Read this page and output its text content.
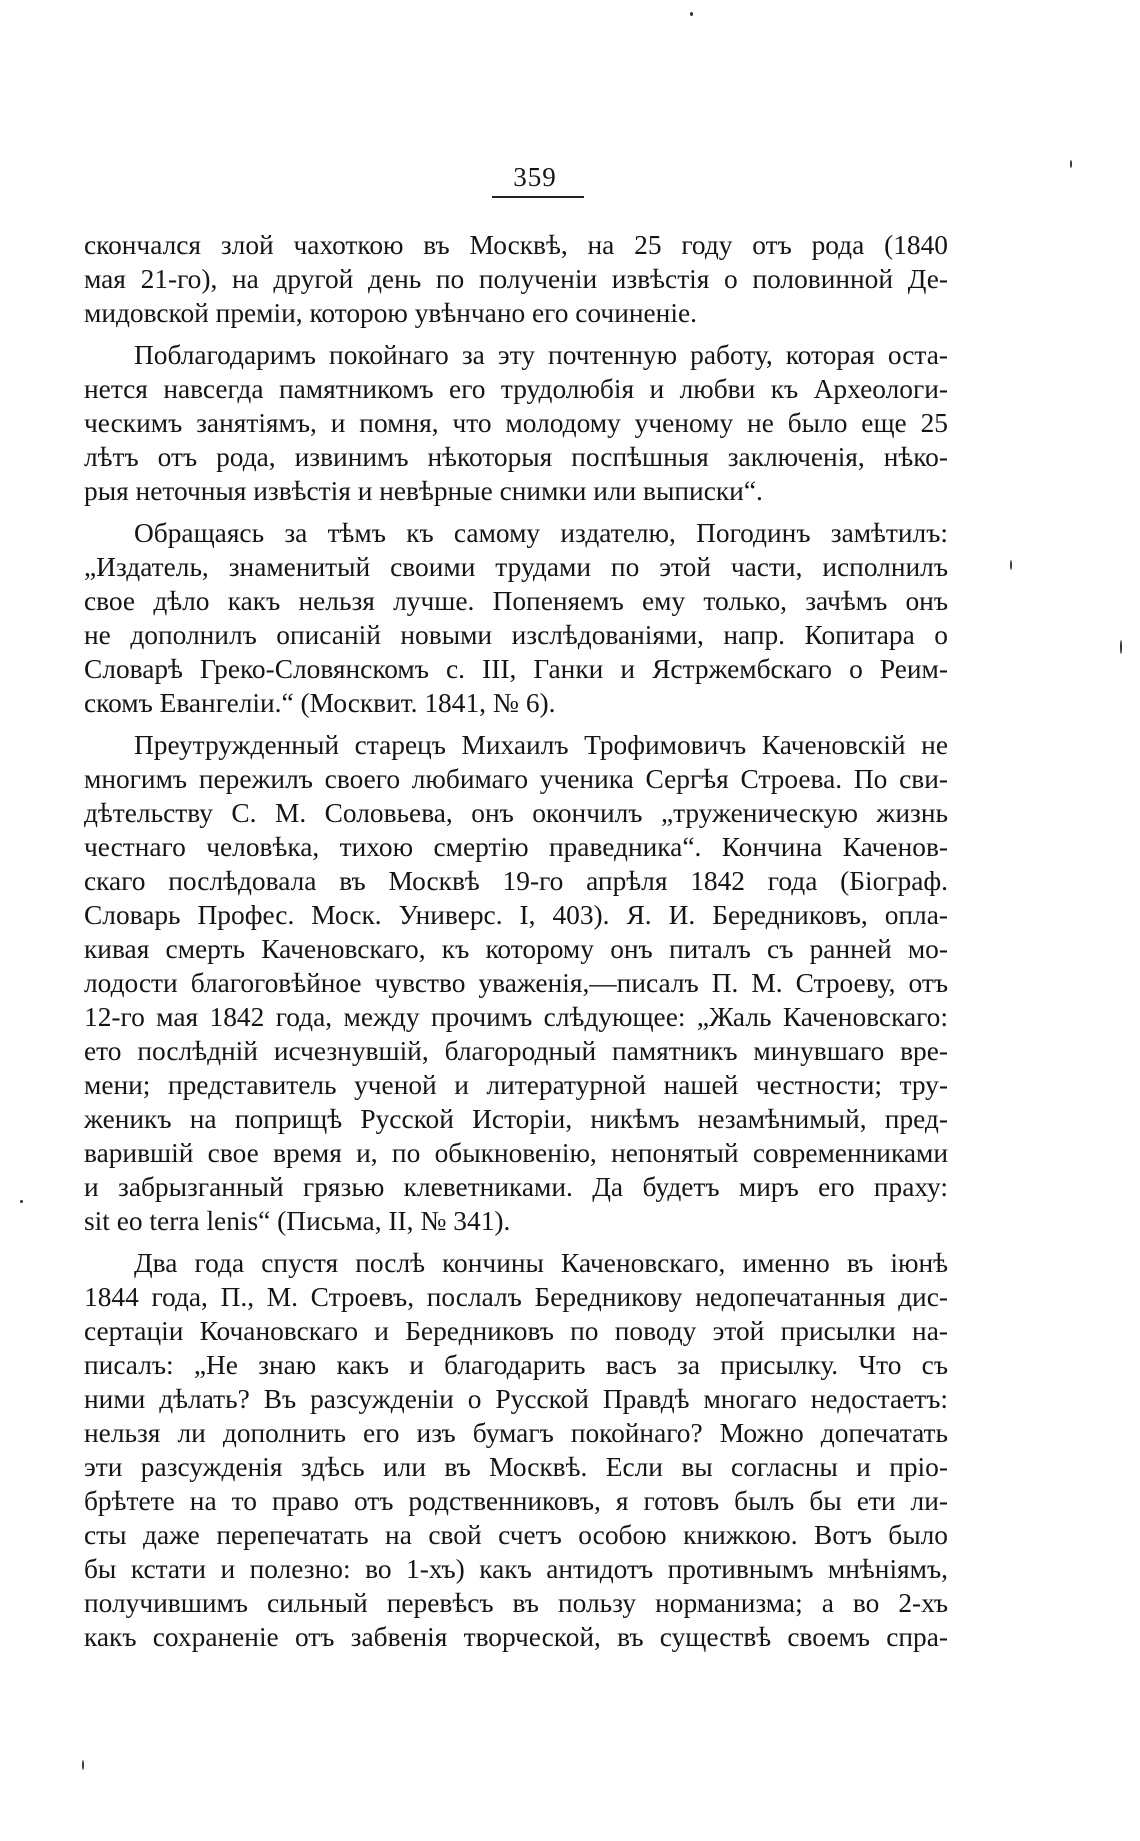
359
скончался злой чахоткою въ Москвѣ, на 25 году отъ рода (1840
мая 21-го), на другой день по полученіи извѣстія о половинной Де-
мидовской преміи, которою увѣнчано его сочиненіе.
Поблагодаримъ покойнаго за эту почтенную работу, которая оста-
нется навсегда памятникомъ его трудолюбія и любви къ Археологи-
ческимъ занятіямъ, и помня, что молодому ученому не было еще 25
лѣтъ отъ рода, извинимъ нѣкоторыя поспѣшныя заключенія, нѣко-
рыя неточныя извѣстія и невѣрные снимки или выписки“.
Обращаясь за тѣмъ къ самому издателю, Погодинъ замѣтилъ:
„Издатель, знаменитый своими трудами по этой части, исполнилъ
свое дѣло какъ нельзя лучше. Попеняемъ ему только, зачѣмъ онъ
не дополнилъ описаній новыми изслѣдованіями, напр. Копитара о
Словарѣ Греко-Словянскомъ с. III, Ганки и Ястржембскаго о Реим-
скомъ Евангеліи.“ (Москвит. 1841, № 6).
Преутружденный старецъ Михаилъ Трофимовичъ Каченовскій не
многимъ пережилъ своего любимаго ученика Сергѣя Строева. По сви-
дѣтельству С. М. Соловьева, онъ окончилъ „труженическую жизнь
честнаго человѣка, тихою смертію праведника“. Кончина Каченов-
скаго послѣдовала въ Москвѣ 19-го апрѣля 1842 года (Біограф.
Словарь Профес. Моск. Универс. I, 403). Я. И. Бередниковъ, опла-
кивая смерть Каченовскаго, къ которому онъ питалъ съ ранней мо-
лодости благоговѣйное чувство уваженія,—писалъ П. М. Строеву, отъ
12-го мая 1842 года, между прочимъ слѣдующее: „Жаль Каченовскаго:
ето послѣдній исчезнувшій, благородный памятникъ минувшаго вре-
мени; представитель ученой и литературной нашей честности; тру-
женикъ на поприщѣ Русской Исторіи, никѣмъ незамѣнимый, пред-
варившій свое время и, по обыкновенію, непонятый современниками
и забрызганный грязью клеветниками. Да будетъ миръ его праху:
sit eo terra lenis“ (Письма, II, № 341).
Два года спустя послѣ кончины Каченовскаго, именно въ іюнѣ
1844 года, П., М. Строевъ, послалъ Бередникову недопечатанныя дис-
сертаціи Кочановскаго и Бередниковъ по поводу этой присылки на-
писалъ: „Не знаю какъ и благодарить васъ за присылку. Что съ
ними дѣлать? Въ разсужденіи о Русской Правдѣ многаго недостаетъ:
нельзя ли дополнить его изъ бумагъ покойнаго? Можно допечатать
эти разсужденія здѣсь или въ Москвѣ. Если вы согласны и пріо-
брѣтете на то право отъ родственниковъ, я готовъ былъ бы ети ли-
сты даже перепечатать на свой счетъ особою книжкою. Вотъ было
бы кстати и полезно: во 1-хъ) какъ антидотъ противнымъ мнѣніямъ,
получившимъ сильный перевѣсъ въ пользу норманизма; а во 2-хъ
какъ сохраненіе отъ забвенія творческой, въ существѣ своемъ спра-
